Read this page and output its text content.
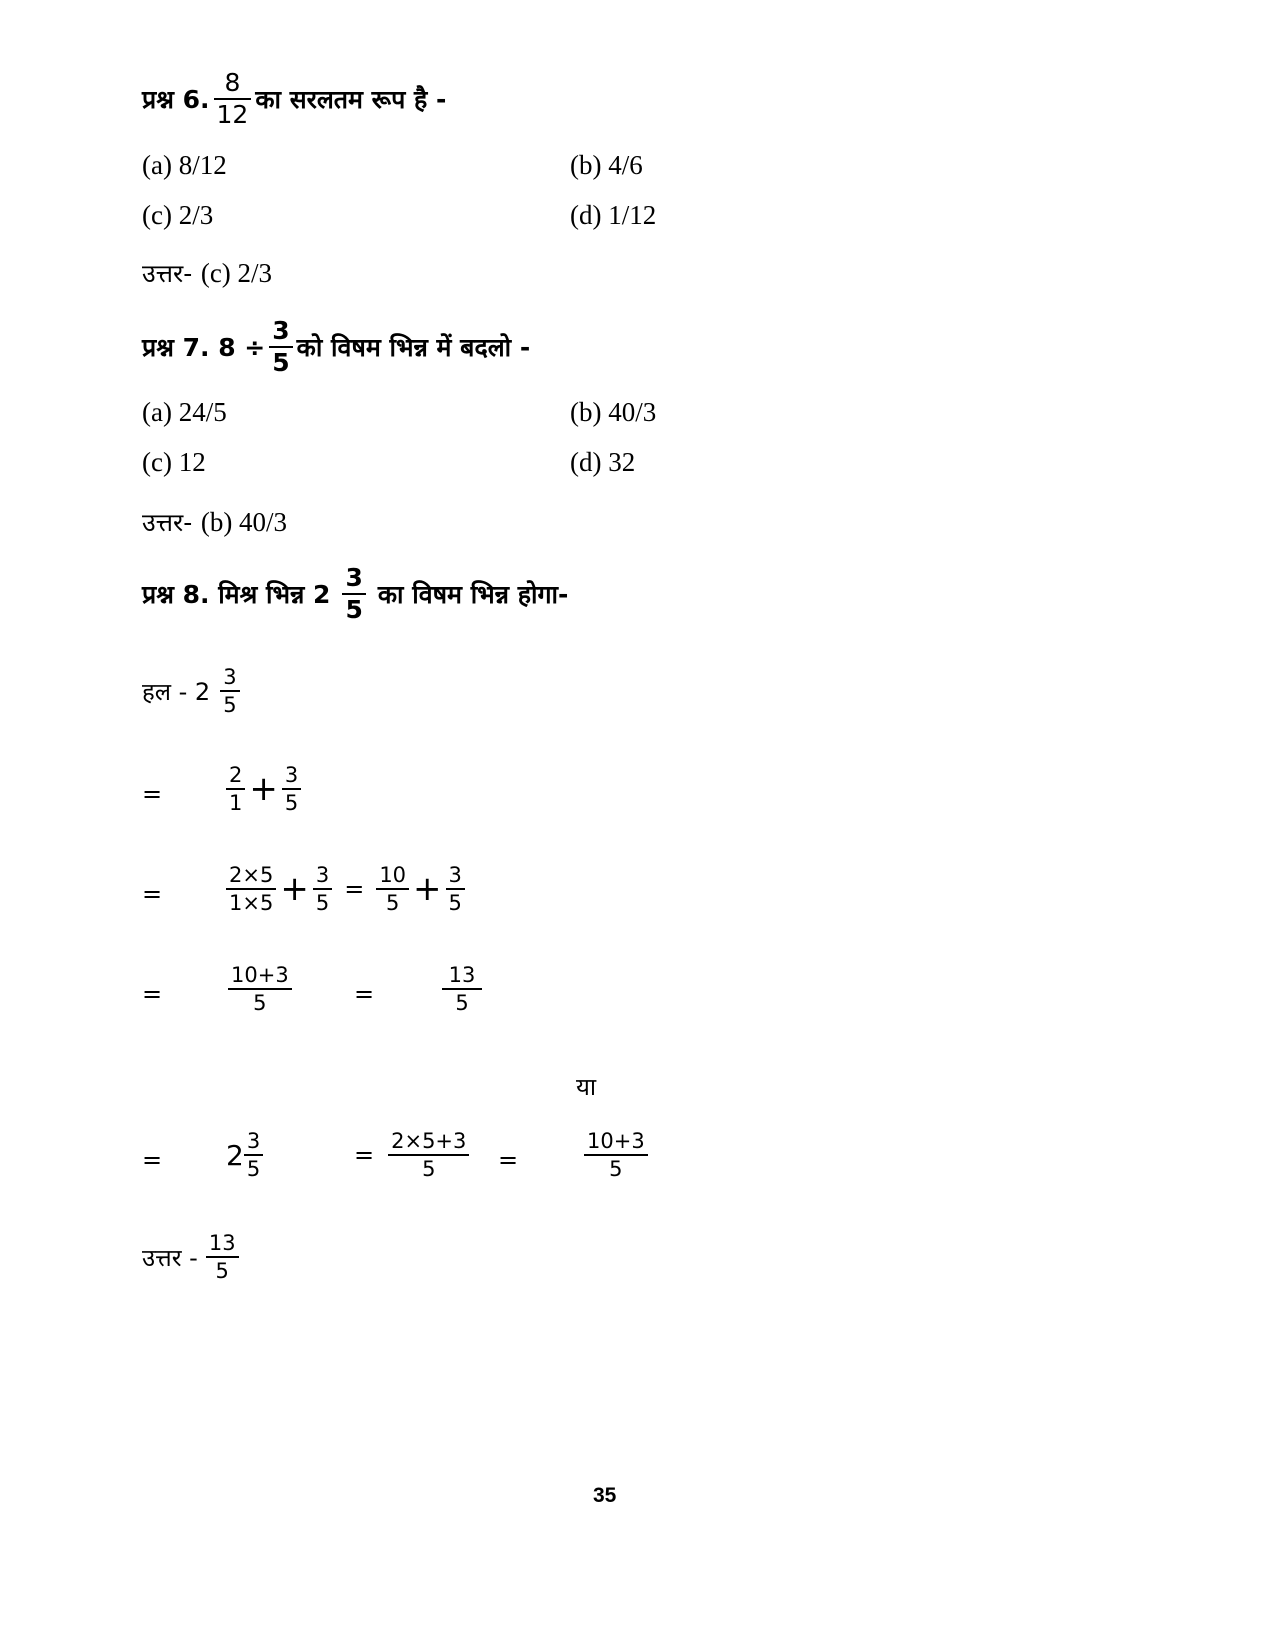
प्रश्न 6. $\frac{8}{12}$ का सरलतम रूप है -
(a) 8/12	(b) 4/6
(c) 2/3	(d) 1/12
उत्तर- (c) 2/3
प्रश्न 7. $8 \div \frac{3}{5}$ को विषम भिन्न में बदलो -
(a) 24/5	(b) 40/3
(c) 12	(d) 32
उत्तर- (b) 40/3
प्रश्न 8. मिश्र भिन्न $2 \frac{3}{5}$ का विषम भिन्न होगा-
हल - $2 \frac{3}{5}$
=	$\frac{2}{1} + \frac{3}{5}$
=	$\frac{2\times 5}{1\times 5} + \frac{3}{5} = \frac{10}{5} + \frac{3}{5}$
=	$\frac{10+3}{5}$	=	$\frac{13}{5}$
या
= $2 \frac{3}{5}$	= $\frac{2\times 5+3}{5}$ =	$\frac{10+3}{5}$
उत्तर - $\frac{13}{5}$
35
